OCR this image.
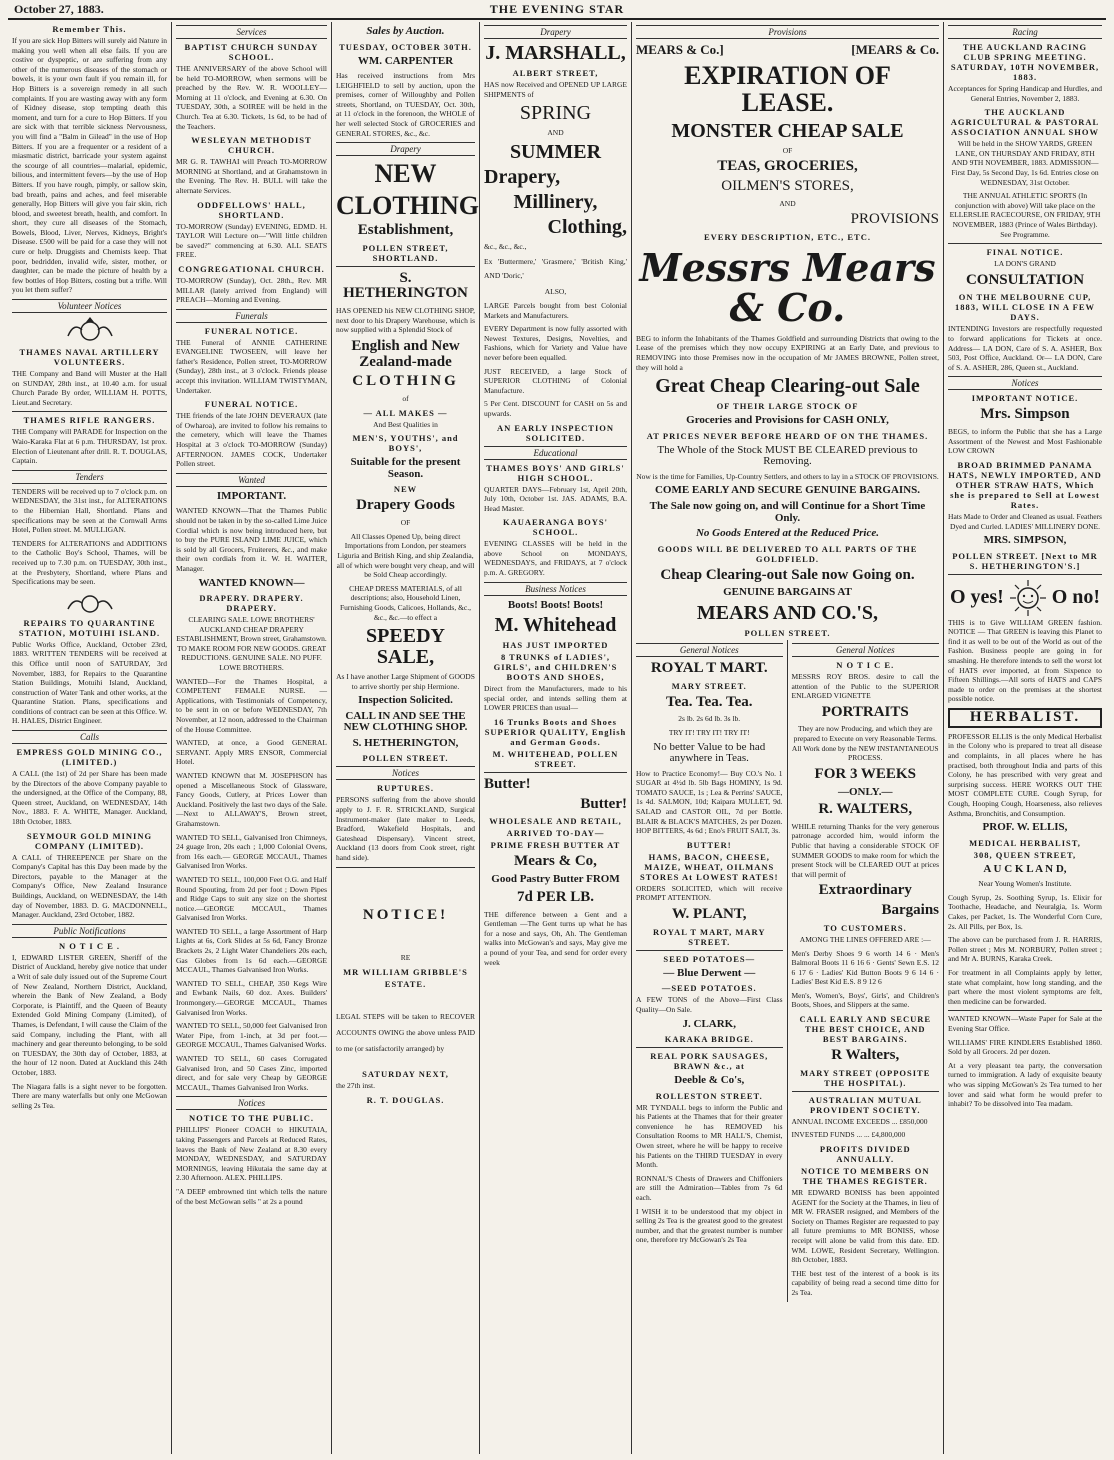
October 27, 1883.	THE EVENING STAR
Remember This.

If you are sick Hop Bitters will surely aid Nature in making you well when all else fails. If you are costive or dyspeptic, or are suffering from any other of the numerous diseases of the stomach or bowels, it is your own fault if you remain ill, for Hop Bitters is a sovereign remedy in all such complaints. If you are wasting away with any form of Kidney disease, stop tempting death this moment, and turn for a cure to Hop Bitters. If you are sick with that terrible sickness Nervousness, you will find a "Balm in Gilead" in the use of Hop Bitters. If you are a frequenter or a resident of a miasmatic district, barricade your system against the scourge of all countries—malarial, epidemic, bilious, and intermittent fevers—by the use of Hop Bitters. If you have rough, pimply, or sallow skin, bad breath, pains and aches, and feel miserable generally, Hop Bitters will give you fair skin, rich blood, and sweetest breath, health, and comfort. In short, they cure all diseases of the Stomach, Bowels, Blood, Liver, Nerves, Kidneys, Bright's Disease. £500 will be paid for a case they will not cure or help. Druggists and Chemists keep. That poor, bedridden, invalid wife, sister, mother, or daughter, can be made the picture of health by a few bottles of Hop Bitters, costing but a trifle. Will you let them suffer?

Volunteer Notices
THAMES NAVAL ARTILLERY VOLUNTEERS.

THE Company and Band will Muster at the Hall on SUNDAY, 28th inst., at 10.40 a.m. for usual Church Parade By order, WILLIAM H. POTTS, Lieut.and Secretary.

THAMES RIFLE RANGERS.

THE Company will PARADE for Inspection on the Waio-Karaka Flat at 6 p.m. THURSDAY, 1st prox. Election of Lieutenant after drill. R. T. DOUGLAS, Captain.

Tenders

TENDERS will be received up to 7 o'clock p.m. on WEDNESDAY, the 31st inst., for ALTERATIONS to the Hibernian Hall, Shortland. Plans and specifications may be seen at the Cornwall Arms Hotel, Pollen street. M. MULLIGAN.

TENDERS for ALTERATIONS and ADDITIONS to the Catholic Boy's School, Thames, will be received up to 7.30 p.m. on TUESDAY, 30th inst., at the Presbytery, Shortland, where Plans and Specifications may be seen.

REPAIRS TO QUARANTINE STATION, MOTUIHI ISLAND.

Public Works Office, Auckland, October 23rd, 1883. WRITTEN TENDERS will be received at this Office until noon of SATURDAY, 3rd November, 1883, for Repairs to the Quarantine Station Buildings, Motuihi Island, Auckland, construction of Water Tank and other works, at the Quarantine Station. Plans, specifications and conditions of contract can be seen at this Office. W. H. HALES, District Engineer.

Calls
EMPRESS GOLD MINING CO., (LIMITED.)

A CALL (the 1st) of 2d per Share has been made by the Directors of the above Company payable to the undersigned, at the Office of the Company, 88, Queen street, Auckland, on WEDNESDAY, 14th Nov., 1883. F. A. WHITE, Manager. Auckland, 18th October, 1883.

SEYMOUR GOLD MINING COMPANY (LIMITED).

A CALL of THREEPENCE per Share on the Company's Capital has this Day been made by the Directors, payable to the Manager at the Company's Office, New Zealand Insurance Buildings, Auckland, on WEDNESDAY, the 14th day of November, 1883. D. G. MACDONNELL, Manager. Auckland, 23rd October, 1882.

Public Notifications
N O T I C E .

I, EDWARD LISTER GREEN, Sheriff of the District of Auckland, hereby give notice that under a Writ of sale duly issued out of the Supreme Court of New Zealand, Northern District, Auckland, wherein the Bank of New Zealand, a Body Corporate, is Plaintiff, and the Queen of Beauty Extended Gold Mining Company (Limited), of Thames, is Defendant, I will cause the Claim of the said Company, including the Plant, with all machinery and gear thereunto belonging, to be sold on TUESDAY, the 30th day of October, 1883, at the hour of 12 noon. Dated at Auckland this 24th October, 1883.

The Niagara falls is a sight never to be forgotten. There are many waterfalls but only one McGowan selling 2s Tea.

Services
BAPTIST CHURCH SUNDAY SCHOOL.

THE ANNIVERSARY of the above School will be held TO-MORROW, when sermons will be preached by the Rev. W. R. WOOLLEY—Morning at 11 o'clock, and Evening at 6.30. On TUESDAY, 30th, a SOIREE will be held in the Church. Tea at 6.30. Tickets, 1s 6d, to be had of the Teachers.

WESLEYAN METHODIST CHURCH.

MR G. R. TAWHAI will Preach TO-MORROW MORNING at Shortland, and at Grahamstown in the Evening. The Rev. H. BULL will take the alternate Services.

ODDFELLOWS' HALL, SHORTLAND.

TO-MORROW (Sunday) EVENING, EDMD. H. TAYLOR Will Lecture on—"Will little children be saved?" commencing at 6.30. ALL SEATS FREE.

CONGREGATIONAL CHURCH.

TO-MORROW (Sunday), Oct. 28th., Rev. MR MILLAR (lately arrived from England) will PREACH—Morning and Evening.

Funerals
FUNERAL NOTICE.

THE Funeral of ANNIE CATHERINE EVANGELINE TWOSEEN, will leave her father's Residence, Pollen street, TO-MORROW (Sunday), 28th inst., at 3 o'clock. Friends please accept this invitation. WILLIAM TWISTYMAN, Undertaker.

FUNERAL NOTICE.

THE friends of the late JOHN DEVERAUX (late of Owharoa), are invited to follow his remains to the cemetery, which will leave the Thames Hospital at 3 o'clock TO-MORROW (Sunday) AFTERNOON. JAMES COCK, Undertaker Pollen street.

Wanted
IMPORTANT.

WANTED KNOWN—That the Thames Public should not be taken in by the so-called Lime Juice Cordial which is now being introduced here, but to buy the PURE ISLAND LIME JUICE, which is sold by all Grocers, Fruiterers, &c., and make their own cordials from it. W. H. WAITER, Manager.

WANTED KNOWN—
DRAPERY. DRAPERY. DRAPERY.

CLEARING SALE. LOWE BROTHERS' AUCKLAND CHEAP DRAPERY ESTABLISHMENT, Brown street, Grahamstown. TO MAKE ROOM FOR NEW GOODS. GREAT REDUCTIONS. GENUINE SALE. NO PUFF. LOWE BROTHERS.

WANTED—For the Thames Hospital, a COMPETENT FEMALE NURSE. —Applications, with Testimonials of Competency, to be sent in on or before WEDNESDAY, 7th November, at 12 noon, addressed to the Chairman of the House Committee.

WANTED, at once, a Good GENERAL SERVANT. Apply MRS ENSOR, Commercial Hotel.

WANTED KNOWN that M. JOSEPHSON has opened a Miscellaneous Stock of Glassware, Fancy Goods, Cutlery, at Prices Lower than Auckland. Positively the last two days of the Sale.—Next to ALLAWAY'S, Brown street, Grahamstown.

WANTED TO SELL, Galvanised Iron Chimneys, 24 guage Iron, 20s each ; 1,000 Colonial Ovens, from 16s each.— GEORGE MCCAUL, Thames Galvanised Iron Works.

WANTED TO SELL, 100,000 Feet O.G. and Half Round Spouting, from 2d per foot ; Down Pipes and Ridge Caps to suit any size on the shortest notice.—GEORGE MCCAUL, Thames Galvanised Iron Works.

WANTED TO SELL, a large Assortment of Harp Lights at 6s, Cork Slides at 5s 6d, Fancy Bronze Brackets 2s, 2 Light Water Chandeliers 20s each, Gas Globes from 1s 6d each.—GEORGE MCCAUL, Thames Galvanised Iron Works.

WANTED TO SELL, CHEAP, 350 Kegs Wire and Ewbank Nails, 60 doz. Axes. Builders' Ironmongery.—GEORGE MCCAUL, Thames Galvanised Iron Works.

WANTED TO SELL, 50,000 feet Galvanised Iron Water Pipe, from 1-inch, at 3d per foot.—GEORGE MCCAUL, Thames Galvanised Works.

WANTED TO SELL, 60 cases Corrugated Galvanised Iron, and 50 Cases Zinc, imported direct, and for sale very Cheap by GEORGE MCCAUL, Thames Galvanised Iron Works.

Notices
NOTICE TO THE PUBLIC.

PHILLIPS' Pioneer COACH to HIKUTAIA, taking Passengers and Parcels at Reduced Rates, leaves the Bank of New Zealand at 8.30 every MONDAY, WEDNESDAY, and SATURDAY MORNINGS, leaving Hikutaia the same day at 2.30 Afternoon. ALEX. PHILLIPS.

"A DEEP embrowned tint which tells the nature of the best McGowan sells " at 2s a pound

Sales by Auction.
TUESDAY, OCTOBER 30TH.
WM. CARPENTER

Has received instructions from Mrs LEIGHFIELD to sell by auction, upon the premises, corner of Willoughby and Pollen streets, Shortland, on TUESDAY, Oct. 30th, at 11 o'clock in the forenoon, the WHOLE of her well selected Stock of GROCERIES and GENERAL STORES, &c., &c.

Drapery
NEW
CLOTHING
Establishment,
POLLEN STREET, SHORTLAND.
S. HETHERINGTON

HAS OPENED his NEW CLOTHING SHOP, next door to his Drapery Warehouse, which is now supplied with a Splendid Stock of

English and New Zealand-made
CLOTHING
of
— ALL MAKES —
And Best Qualities in
MEN'S, YOUTHS', and BOYS',
Suitable for the present Season.
NEW
Drapery Goods
OF

All Classes Opened Up, being direct Importations from London, per steamers Liguria and British King, and ship Zealandia, all of which were bought very cheap, and will be Sold Cheap accordingly.

CHEAP DRESS MATERIALS, of all descriptions; also, Household Linen, Furnishing Goods, Calicoes, Hollands, &c., &c., &c.—to effect a

SPEEDY SALE,

As I have another Large Shipment of GOODS to arrive shortly per ship Hermione.

Inspection Solicited.
CALL IN AND SEE THE NEW CLOTHING SHOP.
S. HETHERINGTON,
POLLEN STREET.
Notices
RUPTURES.

PERSONS suffering from the above should apply to J. F. R. STRICKLAND, Surgical Instrument-maker (late maker to Leeds, Bradford, Wakefield Hospitals, and Gateshead Dispensary). Vincent street, Auckland (13 doors from Cook street, right hand side).

NOTICE!
RE
MR WILLIAM GRIBBLE'S
ESTATE.

LEGAL STEPS will be taken to RECOVER ACCOUNTS OWING the above unless PAID to me (or satisfactorily arranged) by

SATURDAY NEXT,
the 27th inst.
R. T. DOUGLAS.
Drapery
J. MARSHALL,
ALBERT STREET,

HAS now Received and OPENED UP LARGE SHIPMENTS of

SPRING
AND
SUMMER
Drapery,
Millinery,
Clothing,
&c., &c., &c.,

Ex 'Buttermere,' 'Grasmere,' 'British King,' AND 'Doric,'

ALSO,

LARGE Parcels bought from best Colonial Markets and Manufacturers.

EVERY Department is now fully assorted with Newest Textures, Designs, Novelties, and Fashions, which for Variety and Value have never before been equalled.

JUST RECEIVED, a large Stock of SUPERIOR CLOTHING of Colonial Manufacture.

5 Per Cent. DISCOUNT for CASH on 5s and upwards.

AN EARLY INSPECTION SOLICITED.
Educational
THAMES BOYS' AND GIRLS' HIGH SCHOOL.

QUARTER DAYS—February 1st, April 20th, July 10th, October 1st. JAS. ADAMS, B.A. Head Master.

KAUAERANGA BOYS' SCHOOL.

EVENING CLASSES will be held in the above School on MONDAYS, WEDNESDAYS, and FRIDAYS, at 7 o'clock p.m. A. GREGORY.

Business Notices
Boots! Boots! Boots!
M. Whitehead
HAS JUST IMPORTED
8 TRUNKS of LADIES', GIRLS', and CHILDREN'S BOOTS AND SHOES,

Direct from the Manufacturers, made to his special order, and intends selling them at LOWER PRICES than usual—

16 Trunks Boots and Shoes SUPERIOR QUALITY, English and German Goods.
M. WHITEHEAD, POLLEN STREET.
Butter!
Butter!
WHOLESALE AND RETAIL,
ARRIVED TO-DAY—
PRIME FRESH BUTTER AT
Mears & Co,
Good Pastry Butter FROM
7d PER LB.

THE difference between a Gent and a Gentleman —The Gent turns up what he has for a nose and says, Oh, Ah. The Gentleman walks into McGowan's and says, May give me a pound of your Tea, and send for order every week

Provisions
MEARS & Co.]	[MEARS & Co.
EXPIRATION OF LEASE.
MONSTER CHEAP SALE
OF
TEAS, GROCERIES,
OILMEN'S STORES,
AND
PROVISIONS
EVERY DESCRIPTION, ETC., ETC.
Messrs Mears & Co.

BEG to inform the Inhabitants of the Thames Goldfield and surrounding Districts that owing to the Lease of the premises which they now occupy EXPIRING at an Early Date, and previous to REMOVING into those Premises now in the occupation of Mr JAMES BROWNE, Pollen street, they will hold a

Great Cheap Clearing-out Sale
OF THEIR LARGE STOCK OF
Groceries and Provisions for CASH ONLY,
AT PRICES NEVER BEFORE HEARD OF ON THE THAMES.
The Whole of the Stock MUST BE CLEARED previous to Removing.

Now is the time for Families, Up-Country Settlers, and others to lay in a STOCK OF PROVISIONS.

COME EARLY AND SECURE GENUINE BARGAINS.
The Sale now going on, and will Continue for a Short Time Only.
No Goods Entered at the Reduced Price.
GOODS WILL BE DELIVERED TO ALL PARTS OF THE GOLDFIELD.
Cheap Clearing-out Sale now Going on.
GENUINE BARGAINS AT
MEARS AND CO.'S,
POLLEN STREET.
General Notices
ROYAL T MART.
MARY STREET.
Tea. Tea. Tea.
2s lb. 2s 6d lb. 3s lb.
TRY IT! TRY IT! TRY IT!
No better Value to be had anywhere in Teas.

How to Practice Economy!— Buy CO.'s No. 1 SUGAR at 4½d lb. 5lb Bags HOMINY, 1s 9d. TOMATO SAUCE, 1s ; Lea & Perrins' SAUCE, 1s 4d. SALMON, 10d; Kaipara MULLET, 9d. SALAD and CASTOR OIL, 7d per Bottle. BLAIR & BLACK'S MATCHES, 2s per Dozen. HOP BITTERS, 4s 6d ; Eno's FRUIT SALT, 3s.

BUTTER!
HAMS, BACON, CHEESE, MAIZE, WHEAT, OILMANS STORES At LOWEST RATES!

ORDERS SOLICITED, which will receive PROMPT ATTENTION.

W. PLANT,
ROYAL T MART, MARY STREET.
SEED POTATOES—
— Blue Derwent —
—SEED POTATOES.

A FEW TONS of the Above—First Class Quality—On Sale.

J. CLARK,
KARAKA BRIDGE.
REAL PORK SAUSAGES, BRAWN &c., at
Deeble & Co's,
ROLLESTON STREET.

MR TYNDALL begs to inform the Public and his Patients at the Thames that for their greater convenience he has REMOVED his Consultation Rooms to MR HALL'S, Chemist, Owen street, where he will be happy to receive his Patients on the THIRD TUESDAY in every Month.

RONNAL'S Chests of Drawers and Chiffoniers are still the Admiration—Tables from 7s 6d each.

I WISH it to be understood that my object in selling 2s Tea is the greatest good to the greatest number, and that the greatest number is number one, therefore try McGowan's 2s Tea

General Notices
N O T I C E.

MESSRS ROY BROS. desire to call the attention of the Public to the SUPERIOR ENLARGED VIGNETTE

PORTRAITS

They are now Producing, and which they are prepared to Execute on very Reasonable Terms. All Work done by the NEW INSTANTANEOUS PROCESS.

FOR 3 WEEKS
—ONLY.—
R. WALTERS,

WHILE returning Thanks for the very generous patronage accorded him, would inform the Public that having a considerable STOCK OF SUMMER GOODS to make room for which the present Stock will be CLEARED OUT at prices that will permit of

Extraordinary
Bargains
TO CUSTOMERS.
AMONG THE LINES OFFERED ARE :—

Men's Derby Shoes 9 6 worth 14 6 · Men's Balmoral Boots 11 6 16 6 · Gents' Sewn E.S. 12 6 17 6 · Ladies' Kid Button Boots 9 6 14 6 · Ladies' Best Kid E.S. 8 9 12 6

Men's, Women's, Boys', Girls', and Children's Boots, Shoes, and Slippers at the same.

CALL EARLY AND SECURE THE BEST CHOICE, AND BEST BARGAINS.
R Walters,
MARY STREET (OPPOSITE THE HOSPITAL).
AUSTRALIAN MUTUAL PROVIDENT SOCIETY.
ANNUAL INCOME EXCEEDS ... £850,000
INVESTED FUNDS ... ... £4,800,000
PROFITS DIVIDED ANNUALLY.
NOTICE TO MEMBERS ON THE THAMES REGISTER.

MR EDWARD BONISS has been appointed AGENT for the Society at the Thames, in lieu of MR W. FRASER resigned, and Members of the Society on Thames Register are requested to pay all future premiums to MR BONISS, whose receipt will alone be valid from this date. ED. WM. LOWE, Resident Secretary, Wellington. 8th October, 1883.

THE best test of the interest of a book is its capability of being read a second time ditto for 2s Tea.

Racing
THE AUCKLAND RACING CLUB SPRING MEETING. SATURDAY, 10TH NOVEMBER, 1883.

Acceptances for Spring Handicap and Hurdles, and General Entries, November 2, 1883.

THE AUCKLAND AGRICULTURAL & PASTORAL ASSOCIATION ANNUAL SHOW

Will be held in the SHOW YARDS, GREEN LANE, ON THURSDAY AND FRIDAY, 8TH AND 9TH NOVEMBER, 1883. ADMISSION—First Day, 5s Second Day, 1s 6d. Entries close on WEDNESDAY, 31st October.

THE ANNUAL ATHLETIC SPORTS (In conjunction with above) Will take place on the ELLERSLIE RACECOURSE, ON FRIDAY, 9TH NOVEMBER, 1883 (Prince of Wales Birthday). See Programme.

FINAL NOTICE.
LA DON'S GRAND
CONSULTATION
ON THE MELBOURNE CUP, 1883, WILL CLOSE IN A FEW DAYS.

INTENDING Investors are respectfully requested to forward applications for Tickets at once. Address— LA DON, Care of S. A. ASHER, Box 503, Post Office, Auckland. Or— LA DON, Care of S. A. ASHER, 286, Queen st., Auckland.

Notices
IMPORTANT NOTICE.
Mrs. Simpson

BEGS, to inform the Public that she has a Large Assortment of the Newest and Most Fashionable LOW CROWN

BROAD BRIMMED PANAMA HATS, NEWLY IMPORTED, AND OTHER STRAW HATS, Which she is prepared to Sell at Lowest Rates.

Hats Made to Order and Cleaned as usual. Feathers Dyed and Curled. LADIES' MILLINERY DONE.

MRS. SIMPSON,
POLLEN STREET. [Next to MR S. HETHERINGTON'S.]
O yes! O no!

THIS is to Give WILLIAM GREEN fashion. NOTICE — That GREEN is leaving this Planet to find it as well to be out of the World as out of the Fashion. Business people are going in for smashing. He therefore intends to sell the worst lot of HATS ever imported, at from Sixpence to Fifteen Shillings.—All sorts of HATS and CAPS made to order on the premises at the shortest possible notice.

HERBALIST.

PROFESSOR ELLIS is the only Medical Herbalist in the Colony who is prepared to treat all disease and complaints, in all places where he has practised, both throughout India and parts of this Colony, he has prescribed with very great and surprising success. HERE WORKS OUT THE MOST COMPLETE CURE. Cough Syrup, for Cough, Hooping Cough, Hoarseness, also relieves Asthma, Bronchitis, and Consumption.

PROF. W. ELLIS,
MEDICAL HERBALIST,
308, QUEEN STREET,
A U C K L A N D,
Near Young Women's Institute.

Cough Syrup, 2s. Soothing Syrup, 1s. Elixir for Toothache, Headache, and Neuralgia, 1s. Worm Cakes, per Packet, 1s. The Wonderful Corn Cure, 2s. All Pills, per Box, 1s.

The above can be purchased from J. R. HARRIS, Pollen street ; Mrs M. NORBURY, Pollen street ; and Mr A. BURNS, Karaka Creek.

For treatment in all Complaints apply by letter, state what complaint, how long standing, and the part where the most violent symptoms are felt, then medicine can be forwarded.

WANTED KNOWN—Waste Paper for Sale at the Evening Star Office.

WILLIAMS' FIRE KINDLERS Established 1860. Sold by all Grocers. 2d per dozen.

At a very pleasant tea party, the conversation turned to immigration. A lady of exquisite beauty who was sipping McGowan's 2s Tea turned to her lover and said what form he would prefer to inhabit? To be dissolved into Tea madam.
